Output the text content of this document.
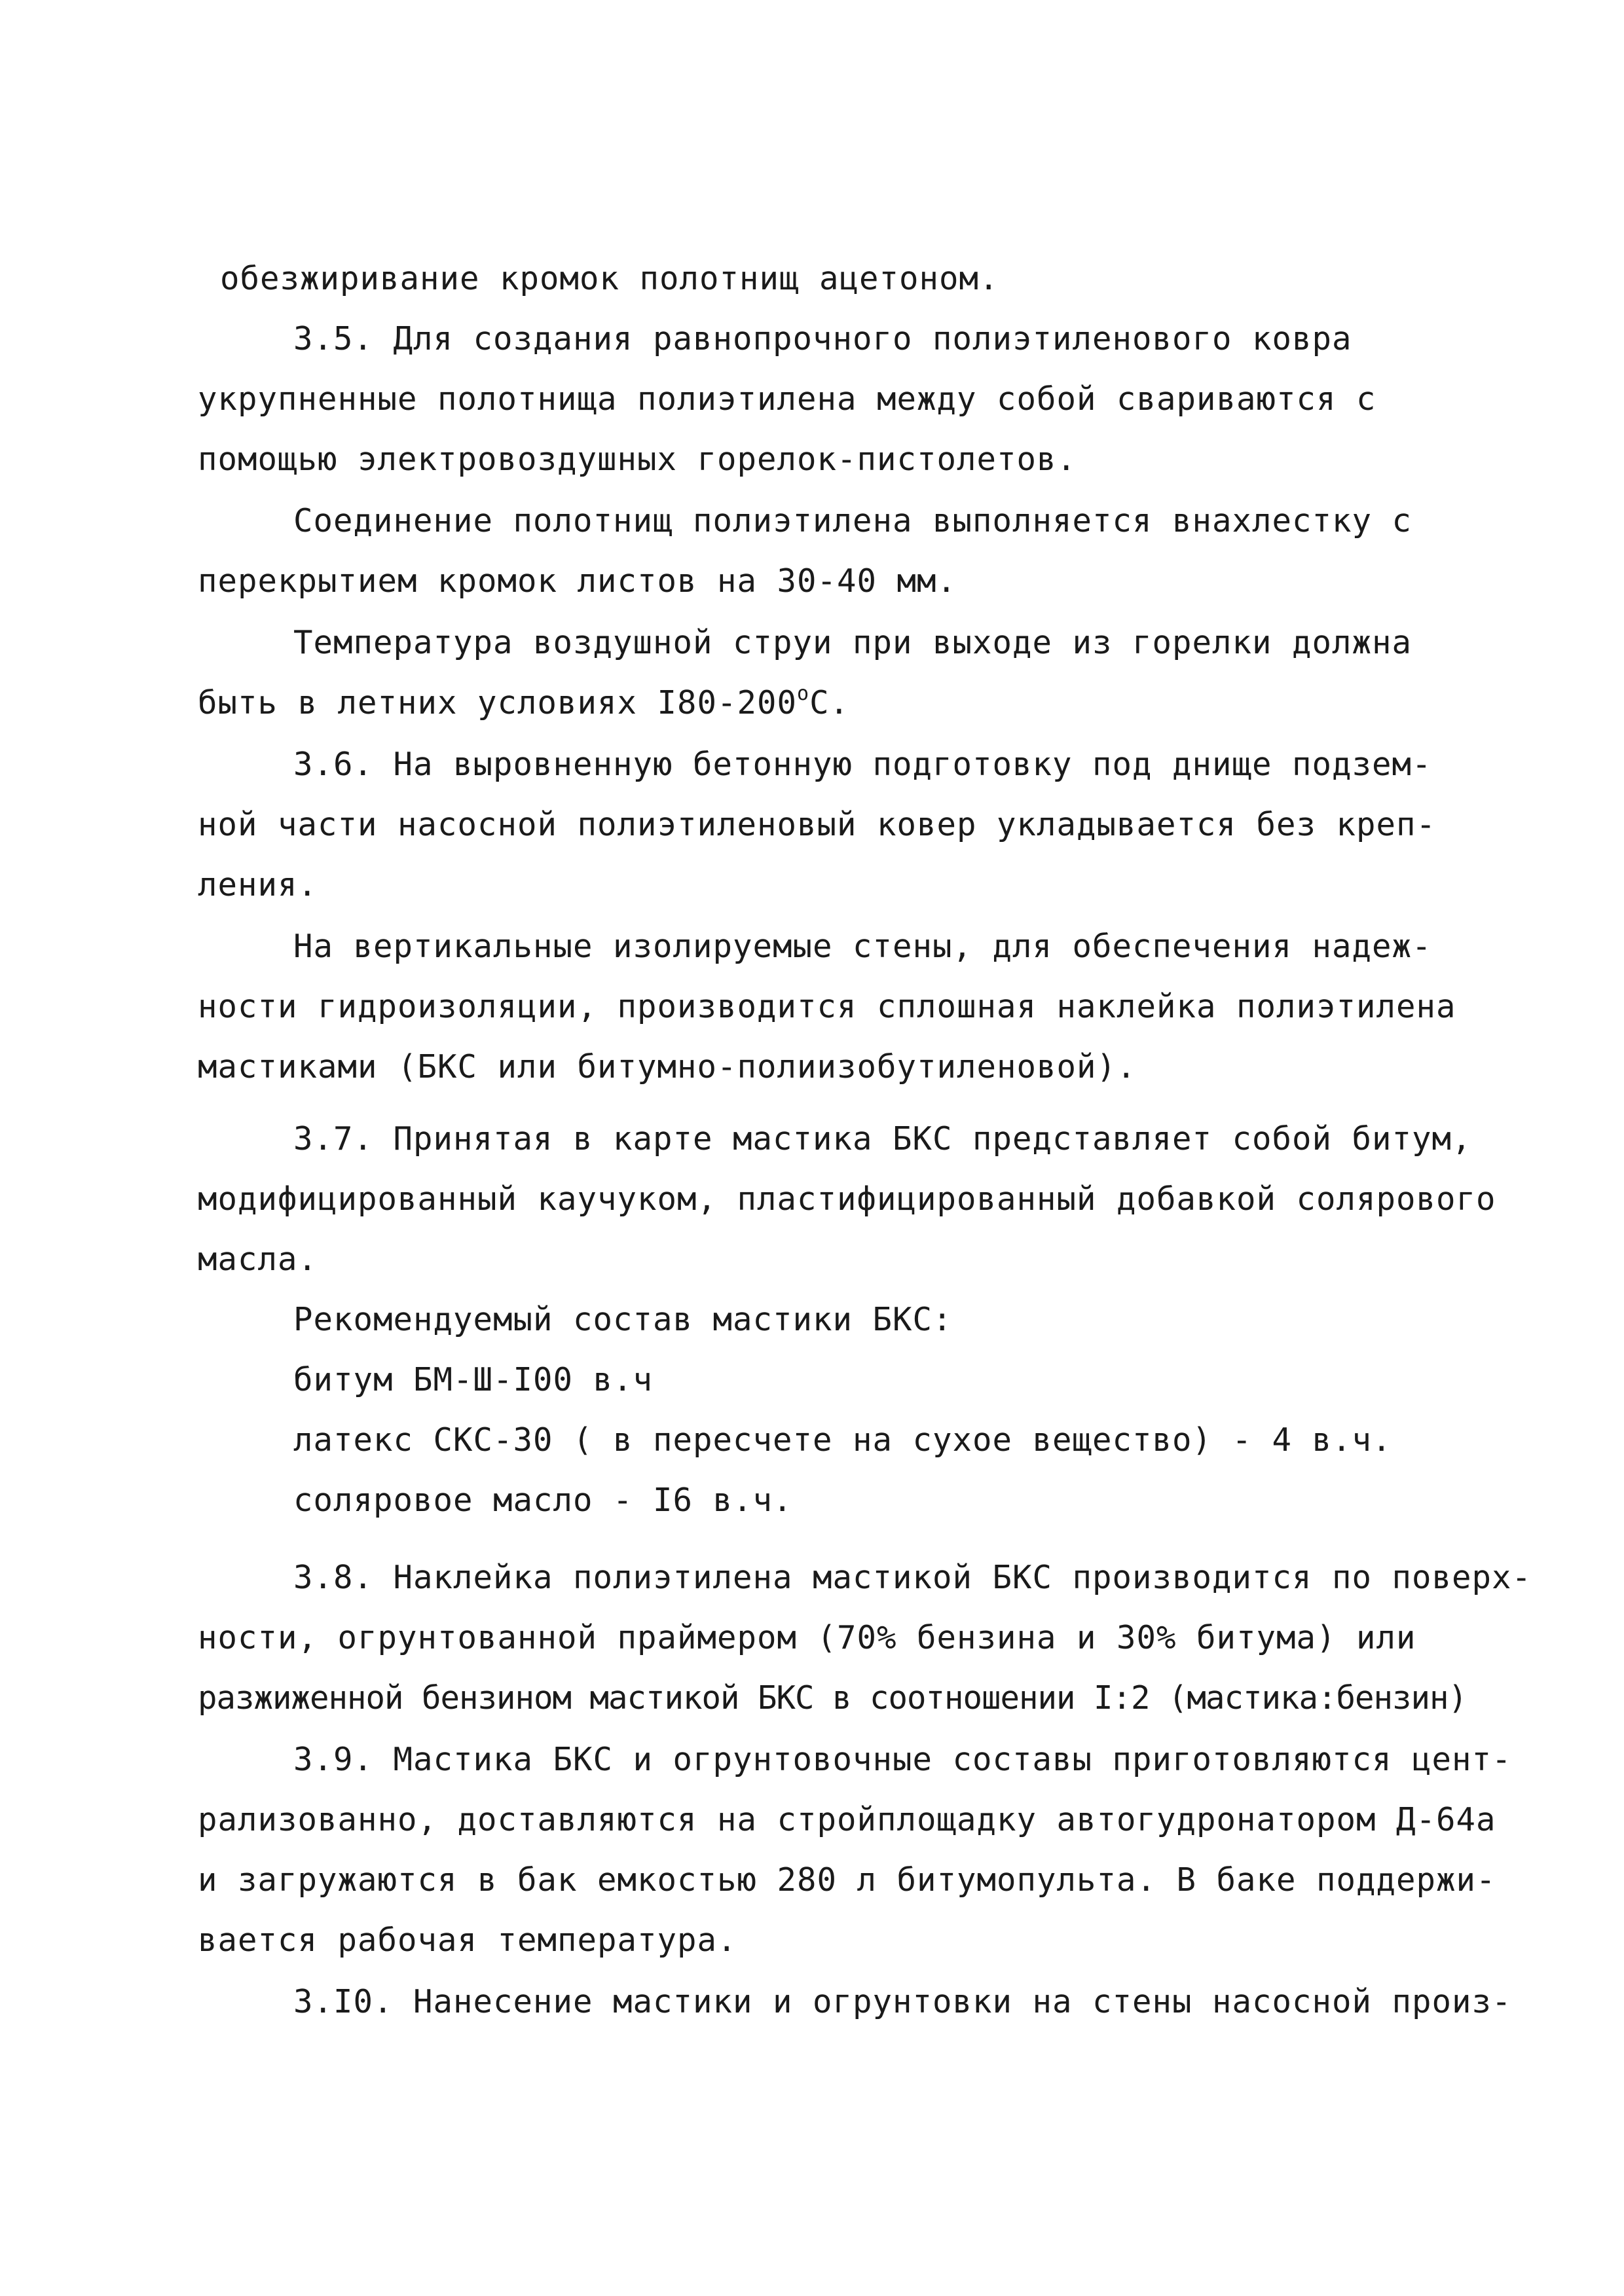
обезжиривание кромок полотнищ ацетоном.
3.5. Для создания равнопрочного полиэтиленового ковра
укрупненные полотнища полиэтилена между собой свариваются с
помощью электровоздушных горелок-пистолетов.
Соединение полотнищ полиэтилена выполняется внахлестку с
перекрытием кромок листов на 30-40 мм.
Температура воздушной струи при выходе из горелки должна
быть в летних условиях $I80-200^оС$.
3.6. На выровненную бетонную подготовку под днище подзем-
ной части насосной полиэтиленовый ковер укладывается без креп-
ления.
На вертикальные изолируемые стены, для обеспечения надеж-
ности гидроизоляции, производится сплошная наклейка полиэтилена
мастиками (БКС или битумно-полиизобутиленовой).
3.7. Принятая в карте мастика БКС представляет собой битум,
модифицированный каучуком, пластифицированный добавкой солярового
масла.
Рекомендуемый состав мастики БКС:
битум БМ-Ш-I00 в.ч
латекс СКС-30 ( в пересчете на сухое вещество) - 4 в.ч.
соляровое масло - I6 в.ч.
3.8. Наклейка полиэтилена мастикой БКС производится по поверх-
ности, огрунтованной праймером (70% бензина и 30% битума) или
разжиженной бензином мастикой БКС в соотношении I:2 (мастика:бензин)
3.9. Мастика БКС и огрунтовочные составы приготовляются цент-
рализованно, доставляются на стройплощадку автогудронатором Д-64а
и загружаются в бак емкостью 280 л битумопульта. В баке поддержи-
вается рабочая температура.
3.I0. Нанесение мастики и огрунтовки на стены насосной произ-
